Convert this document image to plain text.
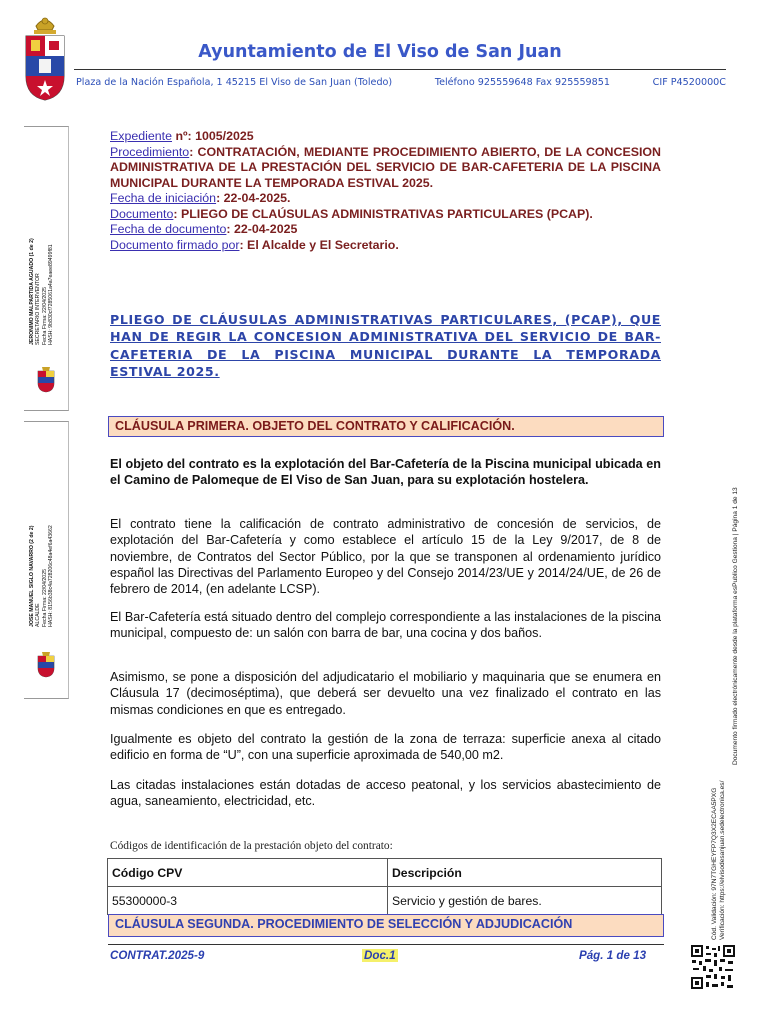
Ayuntamiento de El Viso de San Juan
Plaza de la Nación Española, 1 45215 El Viso de San Juan (Toledo)	Teléfono 925559648 Fax 925559851	CIF P4520000C
JERONIMO MALPARTIDA AGUADO (1 de 2) SECRETARIO INTERVENTOR Fecha Firma: 22/04/2025 HASH: 9b830cf7285061a4a7eaee89499f81
JOSE MANUEL SIGLO NAVARRO (2 de 2) ALCALDE Fecha Firma: 22/04/2025 HASH: 8156b38c4a728206c48a4ef6a43662	Documento firmado electrónicamente desde la plataforma esPublico Gestiona | Página 1 de 13
Cód. Validación: 97N7TGHEYFP7Q3X2ECAA5PXG Verificación: https://elvisodesanjuan.sedelectronica.es/

Expediente nº: 1005/2025

Procedimiento: CONTRATACIÓN, MEDIANTE PROCEDIMIENTO ABIERTO, DE LA CONCESION ADMINISTRATIVA DE LA PRESTACIÓN DEL SERVICIO DE BAR-CAFETERIA DE LA PISCINA MUNICIPAL DURANTE LA TEMPORADA ESTIVAL 2025.

Fecha de iniciación: 22-04-2025.

Documento: PLIEGO DE CLAÚSULAS ADMINISTRATIVAS PARTICULARES (PCAP).

Fecha de documento: 22-04-2025

Documento firmado por: El Alcalde y El Secretario.

PLIEGO DE CLÁUSULAS ADMINISTRATIVAS PARTICULARES, (PCAP), QUE HAN DE REGIR LA CONCESION ADMINISTRATIVA DEL SERVICIO DE BAR-CAFETERIA DE LA PISCINA MUNICIPAL DURANTE LA TEMPORADA ESTIVAL 2025.
CLÁUSULA PRIMERA. OBJETO DEL CONTRATO Y CALIFICACIÓN.
El objeto del contrato es la explotación del Bar-Cafetería de la Piscina municipal ubicada en el Camino de Palomeque de El Viso de San Juan, para su explotación hostelera.
El contrato tiene la calificación de contrato administrativo de concesión de servicios, de explotación del Bar-Cafetería y como establece el artículo 15 de la Ley 9/2017, de 8 de noviembre, de Contratos del Sector Público, por la que se transponen al ordenamiento jurídico español las Directivas del Parlamento Europeo y del Consejo 2014/23/UE y 2014/24/UE, de 26 de febrero de 2014, (en adelante LCSP).
El Bar-Cafetería está situado dentro del complejo correspondiente a las instalaciones de la piscina municipal, compuesto de: un salón con barra de bar, una cocina y dos baños.
Asimismo, se pone a disposición del adjudicatario el mobiliario y maquinaria que se enumera en Cláusula 17 (decimoséptima), que deberá ser devuelto una vez finalizado el contrato en las mismas condiciones en que es entregado.
Igualmente es objeto del contrato la gestión de la zona de terraza: superficie anexa al citado edificio en forma de “U”, con una superficie aproximada de 540,00 m2.
Las citadas instalaciones están dotadas de acceso peatonal, y los servicios abastecimiento de agua, saneamiento, electricidad, etc.
Códigos de identificación de la prestación objeto del contrato:
Código CPV	Descripción
55300000-3	Servicio y gestión de bares.
CLÁUSULA SEGUNDA. PROCEDIMIENTO DE SELECCIÓN Y ADJUDICACIÓN
CONTRAT.2025-9	Doc.1	Pág. 1 de 13
